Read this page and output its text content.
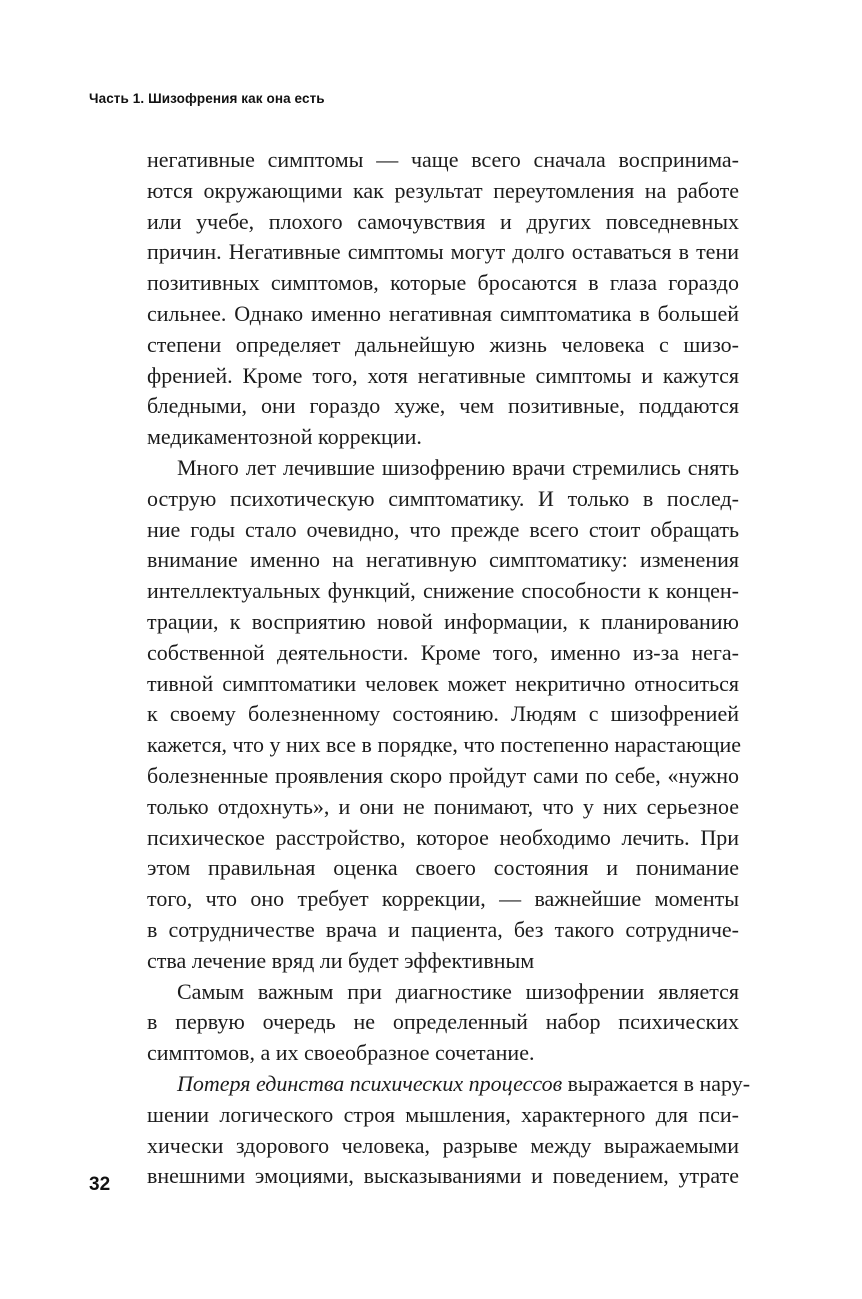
Часть 1. Шизофрения как она есть
негативные симптомы — чаще всего сначала воспринима-
ются окружающими как результат переутомления на работе
или учебе, плохого самочувствия и других повседневных
причин. Негативные симптомы могут долго оставаться в тени
позитивных симптомов, которые бросаются в глаза гораздо
сильнее. Однако именно негативная симптоматика в большей
степени определяет дальнейшую жизнь человека с шизо-
френией. Кроме того, хотя негативные симптомы и кажутся
бледными, они гораздо хуже, чем позитивные, поддаются
медикаментозной коррекции.
Много лет лечившие шизофрению врачи стремились снять
острую психотическую симптоматику. И только в послед-
ние годы стало очевидно, что прежде всего стоит обращать
внимание именно на негативную симптоматику: изменения
интеллектуальных функций, снижение способности к концен-
трации, к восприятию новой информации, к планированию
собственной деятельности. Кроме того, именно из-за нега-
тивной симптоматики человек может некритично относиться
к своему болезненному состоянию. Людям с шизофренией
кажется, что у них все в порядке, что постепенно нарастающие
болезненные проявления скоро пройдут сами по себе, «нужно
только отдохнуть», и они не понимают, что у них серьезное
психическое расстройство, которое необходимо лечить. При
этом правильная оценка своего состояния и понимание
того, что оно требует коррекции, — важнейшие моменты
в сотрудничестве врача и пациента, без такого сотрудниче-
ства лечение вряд ли будет эффективным
Самым важным при диагностике шизофрении является
в первую очередь не определенный набор психических
симптомов, а их своеобразное сочетание.
Потеря единства психических процессов выражается в нару-
шении логического строя мышления, характерного для пси-
хически здорового человека, разрыве между выражаемыми
внешними эмоциями, высказываниями и поведением, утрате
32
